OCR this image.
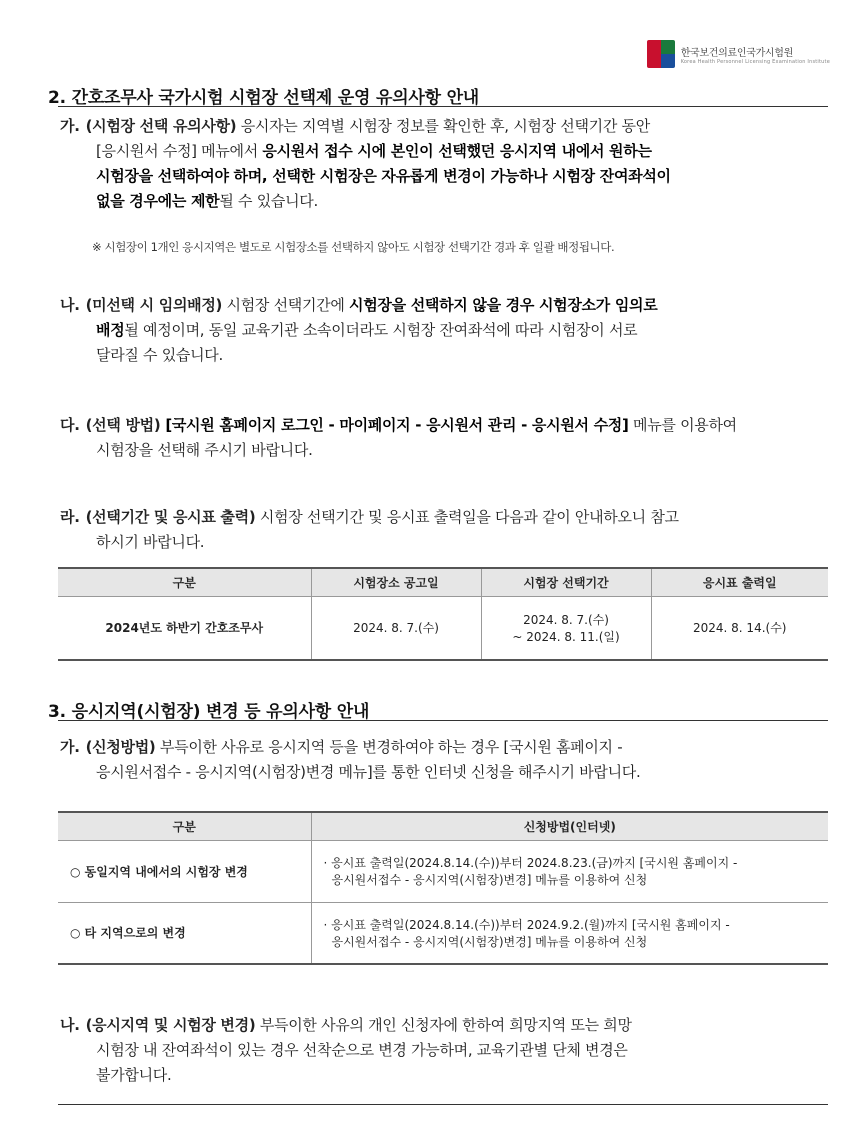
한국보건의료인국가시험원
Korea Health Personnel Licensing Examination Institute
2. 간호조무사 국가시험 시험장 선택제 운영 유의사항 안내
가. (시험장 선택 유의사항) 응시자는 지역별 시험장 정보를 확인한 후, 시험장 선택기간 동안
[응시원서 수정] 메뉴에서 응시원서 접수 시에 본인이 선택했던 응시지역 내에서 원하는
시험장을 선택하여야 하며, 선택한 시험장은 자유롭게 변경이 가능하나 시험장 잔여좌석이
없을 경우에는 제한될 수 있습니다.
※ 시험장이 1개인 응시지역은 별도로 시험장소를 선택하지 않아도 시험장 선택기간 경과 후 일괄 배정됩니다.
나. (미선택 시 임의배정) 시험장 선택기간에 시험장을 선택하지 않을 경우 시험장소가 임의로
배정될 예정이며, 동일 교육기관 소속이더라도 시험장 잔여좌석에 따라 시험장이 서로
달라질 수 있습니다.
다. (선택 방법) [국시원 홈페이지 로그인 - 마이페이지 - 응시원서 관리 - 응시원서 수정] 메뉴를 이용하여
시험장을 선택해 주시기 바랍니다.
라. (선택기간 및 응시표 출력) 시험장 선택기간 및 응시표 출력일을 다음과 같이 안내하오니 참고
하시기 바랍니다.
구분	시험장소 공고일	시험장 선택기간	응시표 출력일
2024년도 하반기 간호조무사	2024. 8. 7.(수)	2024. 8. 7.(수)
~ 2024. 8. 11.(일)	2024. 8. 14.(수)
3. 응시지역(시험장) 변경 등 유의사항 안내
가. (신청방법) 부득이한 사유로 응시지역 등을 변경하여야 하는 경우 [국시원 홈페이지 -
응시원서접수 - 응시지역(시험장)변경 메뉴]를 통한 인터넷 신청을 해주시기 바랍니다.
구분	신청방법(인터넷)
○ 동일지역 내에서의 시험장 변경	· 응시표 출력일(2024.8.14.(수))부터 2024.8.23.(금)까지 [국시원 홈페이지 -
응시원서접수 - 응시지역(시험장)변경] 메뉴를 이용하여 신청

○ 타 지역으로의 변경	· 응시표 출력일(2024.8.14.(수))부터 2024.9.2.(월)까지 [국시원 홈페이지 -
응시원서접수 - 응시지역(시험장)변경] 메뉴를 이용하여 신청
나. (응시지역 및 시험장 변경) 부득이한 사유의 개인 신청자에 한하여 희망지역 또는 희망
시험장 내 잔여좌석이 있는 경우 선착순으로 변경 가능하며, 교육기관별 단체 변경은
불가합니다.
